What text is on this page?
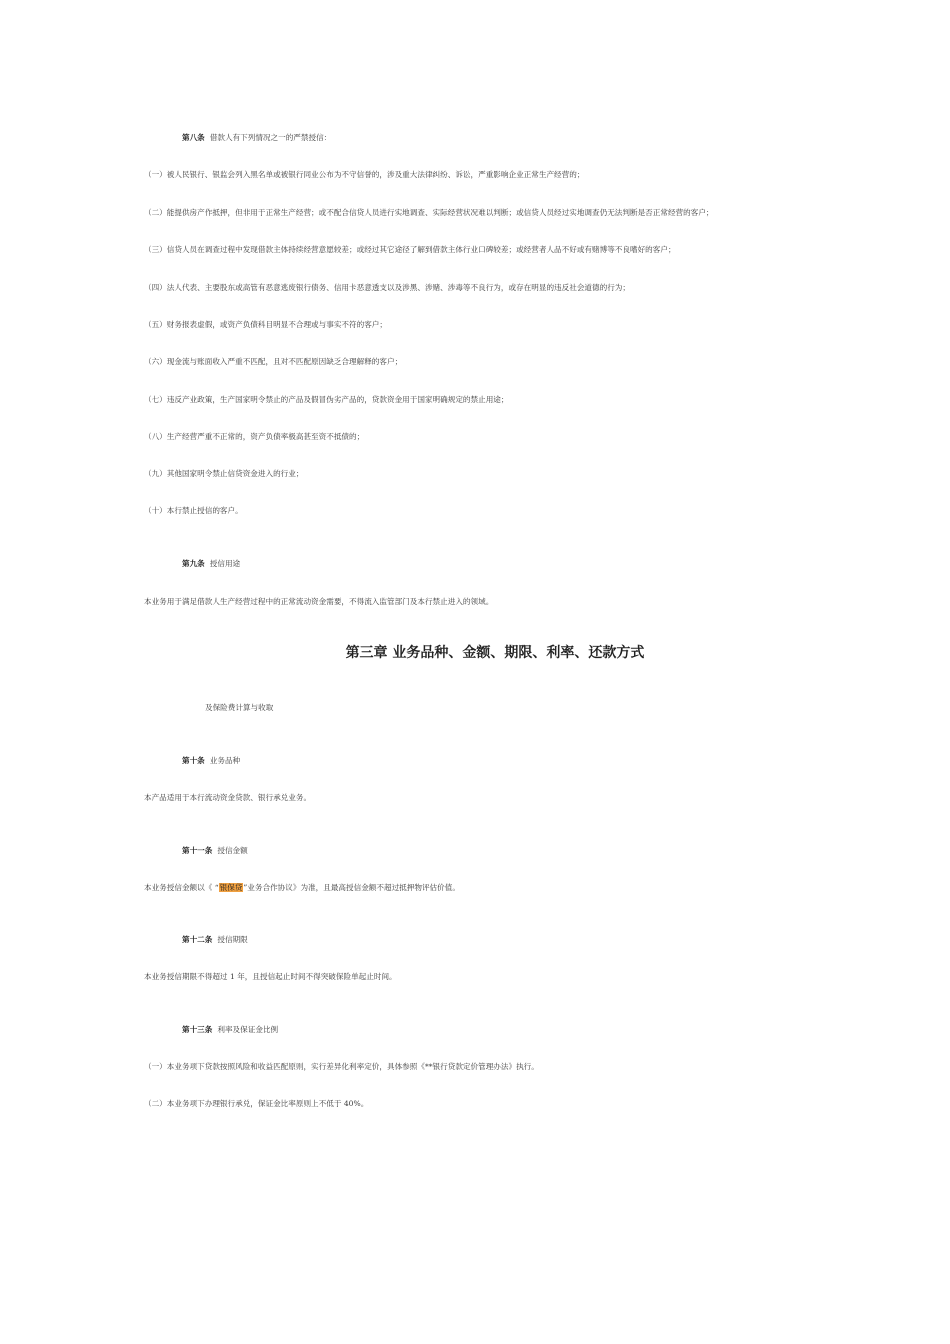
第八条 借款人有下列情况之一的严禁授信：
（一）被人民银行、银监会列入黑名单或被银行同业公布为不守信誉的，涉及重大法律纠纷、诉讼，严重影响企业正常生产经营的；
（二）能提供房产作抵押，但非用于正常生产经营；或不配合信贷人员进行实地调查、实际经营状况难以判断；或信贷人员经过实地调查仍无法判断是否正常经营的客户；
（三）信贷人员在调查过程中发现借款主体持续经营意愿较差；或经过其它途径了解到借款主体行业口碑较差；或经营者人品不好或有赌博等不良嗜好的客户；
（四）法人代表、主要股东或高管有恶意逃废银行债务、信用卡恶意透支以及涉黑、涉赌、涉毒等不良行为，或存在明显的违反社会道德的行为；
（五）财务报表虚假，或资产负债科目明显不合理或与事实不符的客户；
（六）现金流与账面收入严重不匹配，且对不匹配原因缺乏合理解释的客户；
（七）违反产业政策，生产国家明令禁止的产品及假冒伪劣产品的，贷款资金用于国家明确规定的禁止用途；
（八）生产经营严重不正常的，资产负债率极高甚至资不抵债的；
（九）其他国家明令禁止信贷资金进入的行业；
（十）本行禁止授信的客户。
第九条 授信用途
本业务用于满足借款人生产经营过程中的正常流动资金需要，不得流入监管部门及本行禁止进入的领域。
第三章 业务品种、金额、期限、利率、还款方式
及保险费计算与收取
第十条 业务品种
本产品适用于本行流动资金贷款、银行承兑业务。
第十一条 授信金额
本业务授信金额以《 “银保贷”业务合作协议》为准，且最高授信金额不超过抵押物评估价值。
第十二条 授信期限
本业务授信期限不得超过 1 年，且授信起止时间不得突破保险单起止时间。
第十三条 利率及保证金比例
（一）本业务项下贷款按照风险和收益匹配原则，实行差异化利率定价，具体参照《**银行贷款定价管理办法》执行。
（二）本业务项下办理银行承兑，保证金比率原则上不低于 40%。
